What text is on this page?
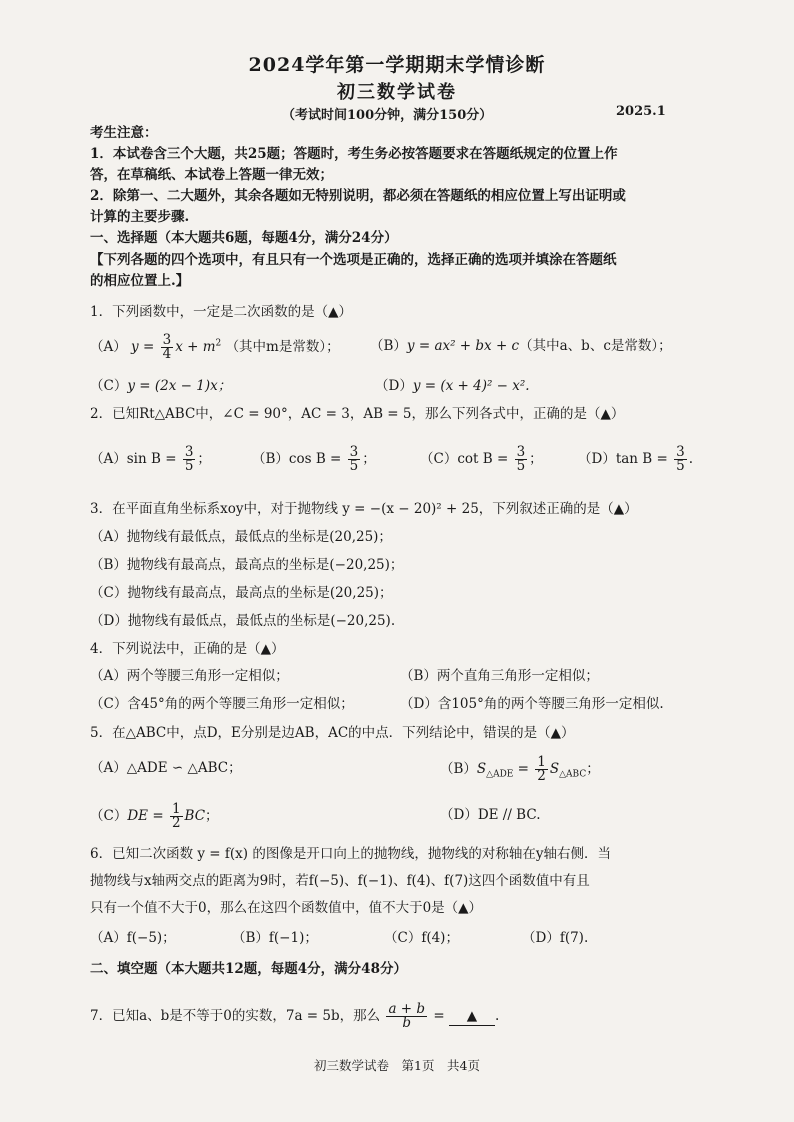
2024学年第一学期期末学情诊断
初三数学试卷
（考试时间100分钟，满分150分）	2025.1
考生注意：
1．本试卷含三个大题，共25题；答题时，考生务必按答题要求在答题纸规定的位置上作
答，在草稿纸、本试卷上答题一律无效；
2．除第一、二大题外，其余各题如无特别说明，都必须在答题纸的相应位置上写出证明或
计算的主要步骤.
一、选择题（本大题共6题，每题4分，满分24分）
【下列各题的四个选项中，有且只有一个选项是正确的，选择正确的选项并填涂在答题纸
的相应位置上.】
1．下列函数中，一定是二次函数的是（▲）
（A） $y = \frac{3}{4}$ $x + m^2$ （其中m是常数）； （B）y = ax² + bx + c（其中a、b、c是常数）；
（C）y = (2x − 1)x；	（D）y = (x + 4)² − x².
2．已知Rt△ABC中，∠C = 90°，AC = 3，AB = 5，那么下列各式中，正确的是（▲）
（A）sin $B = \frac{3}{5}$ ；	（B）cos $B = \frac{3}{5}$ ；	（C）cot $B = \frac{3}{5}$ ；	（D）tan $B = \frac{3}{5}$ .
3．在平面直角坐标系xoy中，对于抛物线 y = −(x − 20)² + 25，下列叙述正确的是（▲）
（A）抛物线有最低点，最低点的坐标是(20,25)；
（B）抛物线有最高点，最高点的坐标是(−20,25)；
（C）抛物线有最高点，最高点的坐标是(20,25)；
（D）抛物线有最低点，最低点的坐标是(−20,25).
4．下列说法中，正确的是（▲）
（A）两个等腰三角形一定相似；	（B）两个直角三角形一定相似；
（C）含45°角的两个等腰三角形一定相似；	（D）含105°角的两个等腰三角形一定相似.
5．在△ABC中，点D，E分别是边AB，AC的中点．下列结论中，错误的是（▲）
（A）△ADE ∽ △ABC；	$(B)S_{\triangle ADE} = \frac{1}{2} S_{\triangle ABC}$；
$(C)DE = \frac{1}{2}$ BC；	（D）DE // BC.
6．已知二次函数 y = f(x) 的图像是开口向上的抛物线，抛物线的对称轴在y轴右侧．当
抛物线与x轴两交点的距离为9时，若f(−5)、f(−1)、f(4)、f(7)这四个函数值中有且
只有一个值不大于0，那么在这四个函数值中，值不大于0是（▲）
（A）f(−5)；	（B）f(−1)；	（C）f(4)；	（D）f(7).
二、填空题（本大题共12题，每题4分，满分48分）
7．已知a、b是不等于0的实数，7a = 5b，那么 $\frac{a + b}{b}$ = ▲ .
初三数学试卷　第1页　共4页
